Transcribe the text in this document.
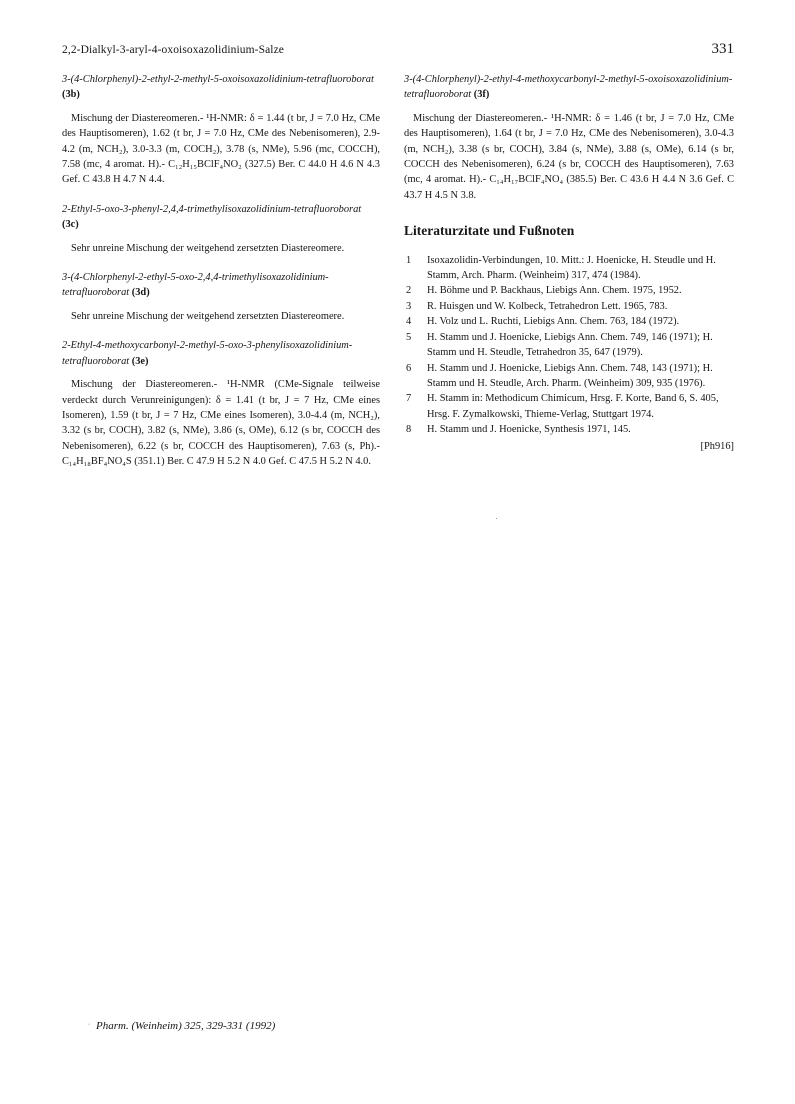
2,2-Dialkyl-3-aryl-4-oxoisoxazolidinium-Salze	331
3-(4-Chlorphenyl)-2-ethyl-2-methyl-5-oxoisoxazolidinium-tetrafluoroborat (3b)
Mischung der Diastereomeren.- ¹H-NMR: δ = 1.44 (t br, J = 7.0 Hz, CMe des Hauptisomeren), 1.62 (t br, J = 7.0 Hz, CMe des Nebenisomeren), 2.9-4.2 (m, NCH₂), 3.0-3.3 (m, COCH₂), 3.78 (s, NMe), 5.96 (mc, COCCH), 7.58 (mc, 4 aromat. H).- C₁₂H₁₅BClF₄NO₂ (327.5) Ber. C 44.0 H 4.6 N 4.3 Gef. C 43.8 H 4.7 N 4.4.
2-Ethyl-5-oxo-3-phenyl-2,4,4-trimethylisoxazolidinium-tetrafluoroborat (3c)
Sehr unreine Mischung der weitgehend zersetzten Diastereomere.
3-(4-Chlorphenyl-2-ethyl-5-oxo-2,4,4-trimethylisoxazolidinium-tetrafluoroborat (3d)
Sehr unreine Mischung der weitgehend zersetzten Diastereomere.
2-Ethyl-4-methoxycarbonyl-2-methyl-5-oxo-3-phenylisoxazolidinium-tetrafluoroborat (3e)
Mischung der Diastereomeren.- ¹H-NMR (CMe-Signale teilweise verdeckt durch Verunreinigungen): δ = 1.41 (t br, J = 7 Hz, CMe eines Isomeren), 1.59 (t br, J = 7 Hz, CMe eines Isomeren), 3.0-4.4 (m, NCH₂), 3.32 (s br, COCH), 3.82 (s, NMe), 3.86 (s, OMe), 6.12 (s br, COCCH des Nebenisomeren), 6.22 (s br, COCCH des Hauptisomeren), 7.63 (s, Ph).- C₁₄H₁₈BF₄NO₄S (351.1) Ber. C 47.9 H 5.2 N 4.0 Gef. C 47.5 H 5.2 N 4.0.
3-(4-Chlorphenyl)-2-ethyl-4-methoxycarbonyl-2-methyl-5-oxoisoxazolidinium-tetrafluoroborat (3f)
Mischung der Diastereomeren.- ¹H-NMR: δ = 1.46 (t br, J = 7.0 Hz, CMe des Hauptisomeren), 1.64 (t br, J = 7.0 Hz, CMe des Nebenisomeren), 3.0-4.3 (m, NCH₂), 3.38 (s br, COCH), 3.84 (s, NMe), 3.88 (s, OMe), 6.14 (s br, COCCH des Nebenisomeren), 6.24 (s br, COCCH des Hauptisomeren), 7.63 (mc, 4 aromat. H).- C₁₄H₁₇BClF₄NO₄ (385.5) Ber. C 43.6 H 4.4 N 3.6 Gef. C 43.7 H 4.5 N 3.8.
Literaturzitate und Fußnoten
1	Isoxazolidin-Verbindungen, 10. Mitt.: J. Hoenicke, H. Steudle und H. Stamm, Arch. Pharm. (Weinheim) 317, 474 (1984).
2	H. Böhme und P. Backhaus, Liebigs Ann. Chem. 1975, 1952.
3	R. Huisgen und W. Kolbeck, Tetrahedron Lett. 1965, 783.
4	H. Volz und L. Ruchti, Liebigs Ann. Chem. 763, 184 (1972).
5	H. Stamm und J. Hoenicke, Liebigs Ann. Chem. 749, 146 (1971); H. Stamm und H. Steudle, Tetrahedron 35, 647 (1979).
6	H. Stamm und J. Hoenicke, Liebigs Ann. Chem. 748, 143 (1971); H. Stamm und H. Steudle, Arch. Pharm. (Weinheim) 309, 935 (1976).
7	H. Stamm in: Methodicum Chimicum, Hrsg. F. Korte, Band 6, S. 405, Hrsg. F. Zymalkowski, Thieme-Verlag, Stuttgart 1974.
8	H. Stamm und J. Hoenicke, Synthesis 1971, 145.
[Ph916]
· Pharm. (Weinheim) 325, 329-331 (1992)
